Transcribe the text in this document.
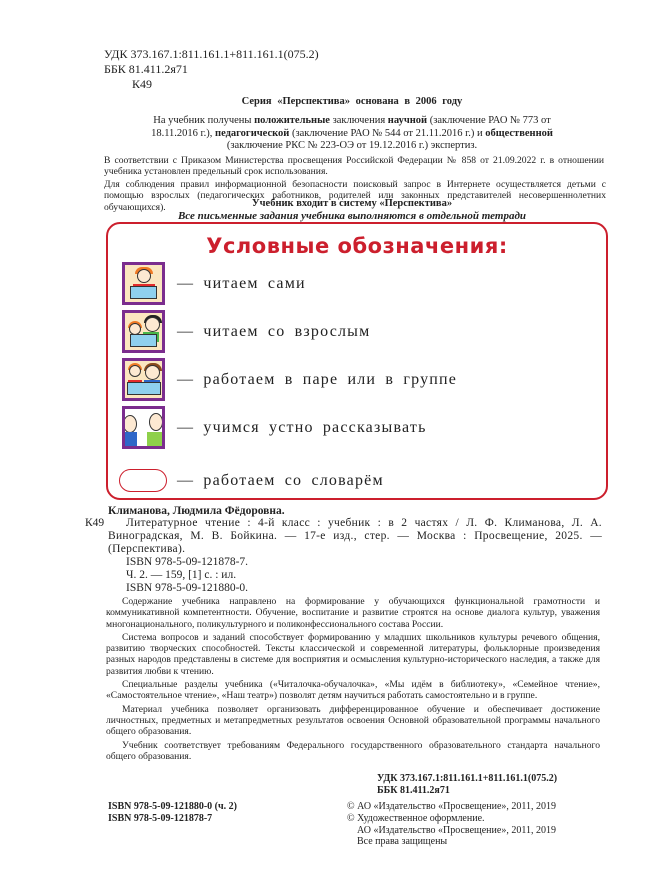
УДК 373.167.1:811.161.1+811.161.1(075.2)
ББК 81.411.2я71
К49
Серия «Перспектива» основана в 2006 году
На учебник получены положительные заключения научной (заключение РАО № 773 от 18.11.2016 г.), педагогической (заключение РАО № 544 от 21.11.2016 г.) и общественной (заключение РКС № 223-ОЭ от 19.12.2016 г.) экспертиз.
В соответствии с Приказом Министерства просвещения Российской Федерации № 858 от 21.09.2022 г. в отношении учебника установлен предельный срок использования.
Для соблюдения правил информационной безопасности поисковый запрос в Интернете осуществляется детьми с помощью взрослых (педагогических работников, родителей или законных представителей несовершеннолетних обучающихся).	Учебник входит в систему «Перспектива»
Все письменные задания учебника выполняются в отдельной тетради
Условные обозначения:
— читаем сами
— читаем со взрослым
— работаем в паре или в группе
— учимся устно рассказывать
— работаем со словарём
Климанова, Людмила Фёдоровна.
К49	Литературное чтение : 4-й класс : учебник : в 2 частях / Л. Ф. Климанова, Л. А. Виноградская, М. В. Бойкина. — 17-е изд., стер. — Москва : Просвещение, 2025. — (Перспектива).
ISBN 978-5-09-121878-7.
Ч. 2. — 159, [1] с. : ил.
ISBN 978-5-09-121880-0.

Содержание учебника направлено на формирование у обучающихся функциональной грамотности и коммуникативной компетентности. Обучение, воспитание и развитие строятся на основе диалога культур, уважения многонационального, поликультурного и поликонфессионального состава России.

Система вопросов и заданий способствует формированию у младших школьников культуры речевого общения, развитию творческих способностей. Тексты классической и современной литературы, фольклорные произведения разных народов представлены в системе для восприятия и осмысления культурно-исторического наследия, а также для развития любви к чтению.

Специальные разделы учебника («Читалочка-обучалочка», «Мы идём в библиотеку», «Семейное чтение», «Самостоятельное чтение», «Наш театр») позволят детям научиться работать самостоятельно и в группе.

Материал учебника позволяет организовать дифференцированное обучение и обеспечивает достижение личностных, предметных и метапредметных результатов освоения Основной образовательной программы начального общего образования.

Учебник соответствует требованиям Федерального государственного образовательного стандарта начального общего образования.

УДК 373.167.1:811.161.1+811.161.1(075.2)
ББК 81.411.2я71
ISBN 978-5-09-121880-0 (ч. 2)
ISBN 978-5-09-121878-7
© АО «Издательство «Просвещение», 2011, 2019
© Художественное оформление.
АО «Издательство «Просвещение», 2011, 2019
Все права защищены
